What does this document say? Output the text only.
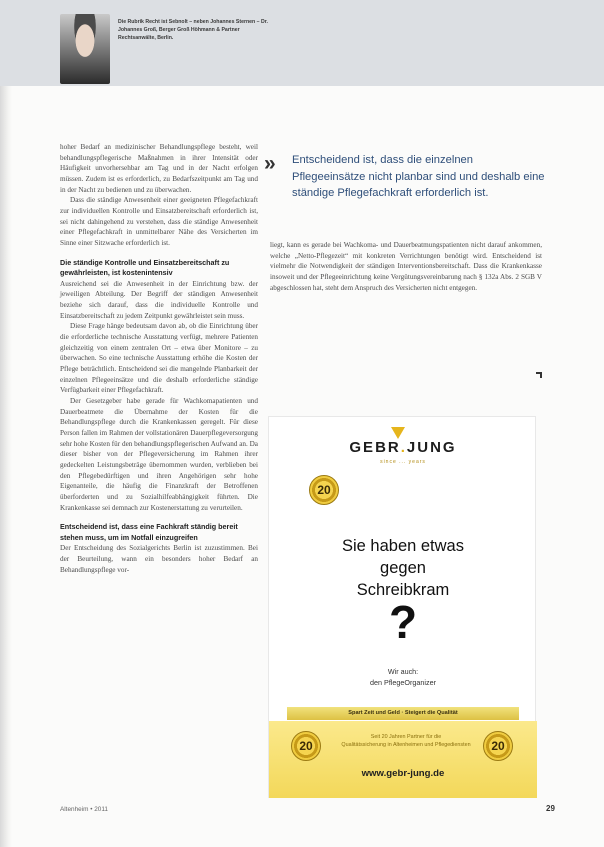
Die Rubrik Recht ist Sebnolt – neben Johannes Sternen – Dr. Johannes Groß, Berger Groß Höhmann & Partner Rechtsanwälte, Berlin.

hoher Bedarf an medizinischer Behandlungspflege besteht, weil behandlungspflegerische Maßnahmen in ihrer Intensität oder Häufigkeit unvorhersehbar am Tag und in der Nacht erfolgen müssen. Zudem ist es erforderlich, zu Bedarfszeitpunkt am Tag und in der Nacht zu bedienen und zu überwachen.

Dass die ständige Anwesenheit einer geeigneten Pflegefachkraft zur individuellen Kontrolle und Einsatzbereitschaft erforderlich ist, sei nicht dahingehend zu verstehen, dass die ständige Anwesenheit einer Pflegefachkraft in unmittelbarer Nähe des Versicherten im Sinne einer Sitzwache erforderlich ist.

Die ständige Kontrolle und Einsatzbereitschaft zu gewährleisten, ist kostenintensiv

Ausreichend sei die Anwesenheit in der Einrichtung bzw. der jeweiligen Abteilung. Der Begriff der ständigen Anwesenheit beziehe sich darauf, dass die individuelle Kontrolle und Einsatzbereitschaft zu jedem Zeitpunkt gewährleistet sein muss.

Diese Frage hänge bedeutsam davon ab, ob die Einrichtung über die erforderliche technische Ausstattung verfügt, mehrere Patienten gleichzeitig von einem zentralen Ort – etwa über Monitore – zu überwachen. So eine technische Ausstattung erhöhe die Kosten der Pflege beträchtlich. Entscheidend sei die mangelnde Planbarkeit der einzelnen Pflegeeinsätze und die deshalb erforderliche ständige Verfügbarkeit einer Pflegefachkraft.

Der Gesetzgeber habe gerade für Wachkomapatienten und Dauerbeatmete die Übernahme der Kosten für die Behandlungspflege durch die Krankenkassen geregelt. Für diese Person fallen im Rahmen der vollstationären Dauerpflegeversorgung sehr hohe Kosten für den behandlungspflegerischen Aufwand an. Da dieser bisher von der Pflegeversicherung im Rahmen ihrer gedeckelten Leistungsbeträge übernommen wurden, verblieben bei den Pflegebedürftigen und ihren Angehörigen sehr hohe Eigenanteile, die häufig die Finanzkraft der Betroffenen überforderten und zu Sozialhilfeabhängigkeit führten. Die Krankenkasse sei demnach zur Kostenerstattung zu verurteilen.

Entscheidend ist, dass eine Fachkraft ständig bereit stehen muss, um im Notfall einzugreifen

Der Entscheidung des Sozialgerichts Berlin ist zuzustimmen. Bei der Beurteilung, wann ein besonders hoher Bedarf an Behandlungspflege vor-

» Entscheidend ist, dass die einzelnen Pflegeeinsätze nicht planbar sind und deshalb eine ständige Pflegefachkraft erforderlich ist.

liegt, kann es gerade bei Wachkoma- und Dauerbeatmungspatienten nicht darauf ankommen, welche „Netto-Pflegezeit“ mit konkreten Verrichtungen benötigt wird. Entscheidend ist vielmehr die Notwendigkeit der ständigen Interventionsbereitschaft. Dass die Krankenkasse insoweit und der Pflegeeinrichtung keine Vergütungsvereinbarung nach § 132a Abs. 2 SGB V abgeschlossen hat, steht dem Anspruch des Versicherten nicht entgegen.

GEBR.JUNG
since ... years
20
Sie haben etwas
gegen
Schreibkram
?
Wir auch:
den PflegeOrganizer
Spart Zeit und Geld · Steigert die Qualität
20
Seit 20 Jahren Partner für die
Qualitätssicherung in Altenheimen und Pflegediensten	20
www.gebr-jung.de
Altenheim • 2011	29
